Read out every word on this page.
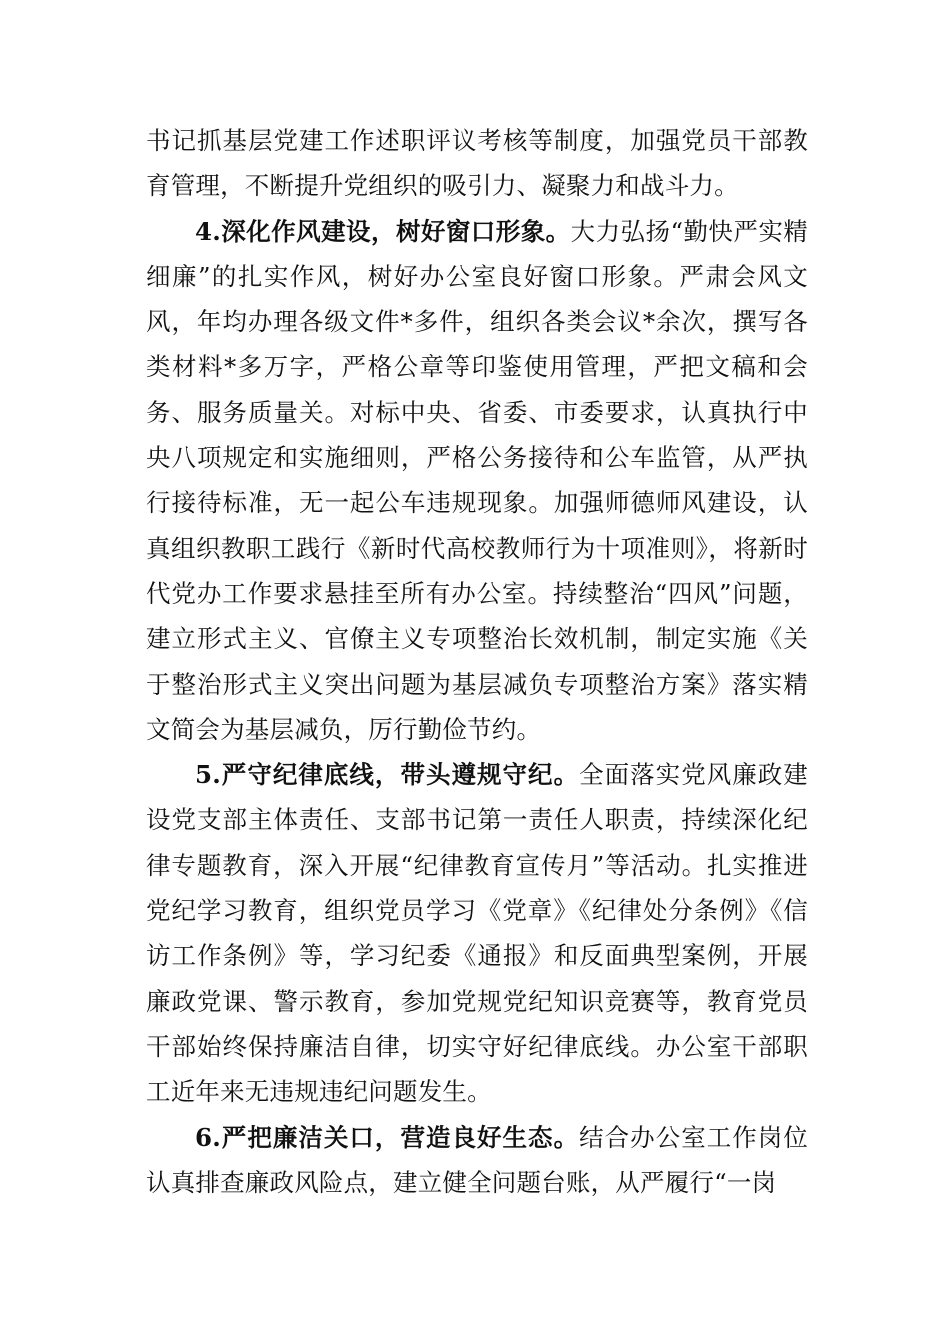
书记抓基层党建工作述职评议考核等制度，加强党员干部教育管理，不断提升党组织的吸引力、凝聚力和战斗力。

4.深化作风建设，树好窗口形象。大力弘扬“勤快严实精细廉”的扎实作风，树好办公室良好窗口形象。严肃会风文风，年均办理各级文件*多件，组织各类会议*余次，撰写各类材料*多万字，严格公章等印鉴使用管理，严把文稿和会务、服务质量关。对标中央、省委、市委要求，认真执行中央八项规定和实施细则，严格公务接待和公车监管，从严执行接待标准，无一起公车违规现象。加强师德师风建设，认真组织教职工践行《新时代高校教师行为十项准则》，将新时代党办工作要求悬挂至所有办公室。持续整治“四风”问题，建立形式主义、官僚主义专项整治长效机制，制定实施《关于整治形式主义突出问题为基层减负专项整治方案》落实精文简会为基层减负，厉行勤俭节约。

5.严守纪律底线，带头遵规守纪。全面落实党风廉政建设党支部主体责任、支部书记第一责任人职责，持续深化纪律专题教育，深入开展“纪律教育宣传月”等活动。扎实推进党纪学习教育，组织党员学习《党章》《纪律处分条例》《信访工作条例》等，学习纪委《通报》和反面典型案例，开展廉政党课、警示教育，参加党规党纪知识竞赛等，教育党员干部始终保持廉洁自律，切实守好纪律底线。办公室干部职工近年来无违规违纪问题发生。

6.严把廉洁关口，营造良好生态。结合办公室工作岗位认真排查廉政风险点，建立健全问题台账，从严履行“一岗
